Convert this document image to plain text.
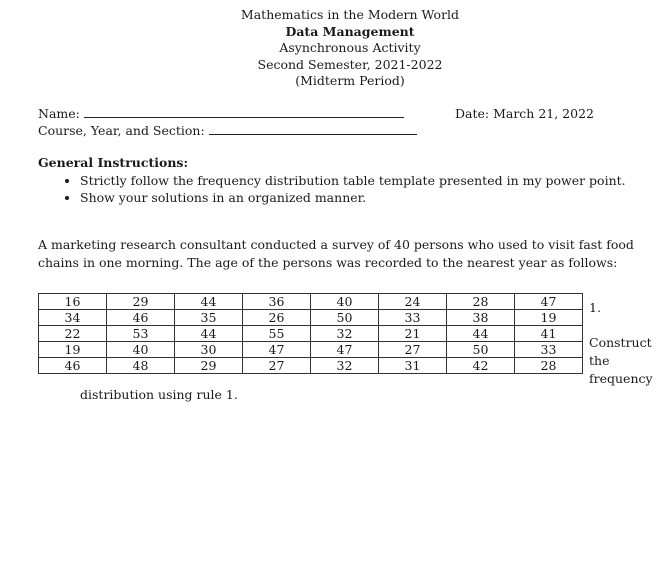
Mathematics in the Modern World
Data Management
Asynchronous Activity
Second Semester, 2021-2022
(Midterm Period)
Name:	Date: March 21, 2022
Course, Year, and Section:
General Instructions:
• Strictly follow the frequency distribution table template presented in my power point.
• Show your solutions in an organized manner.
A marketing research consultant conducted a survey of 40 persons who used to visit fast food chains in one morning. The age of the persons was recorded to the nearest year as follows:
16	29	44	36	40	24	28	47
34	46	35	26	50	33	38	19
22	53	44	55	32	21	44	41
19	40	30	47	47	27	50	33
46	48	29	27	32	31	42	28
1.
Construct
the
frequency
distribution using rule 1.
